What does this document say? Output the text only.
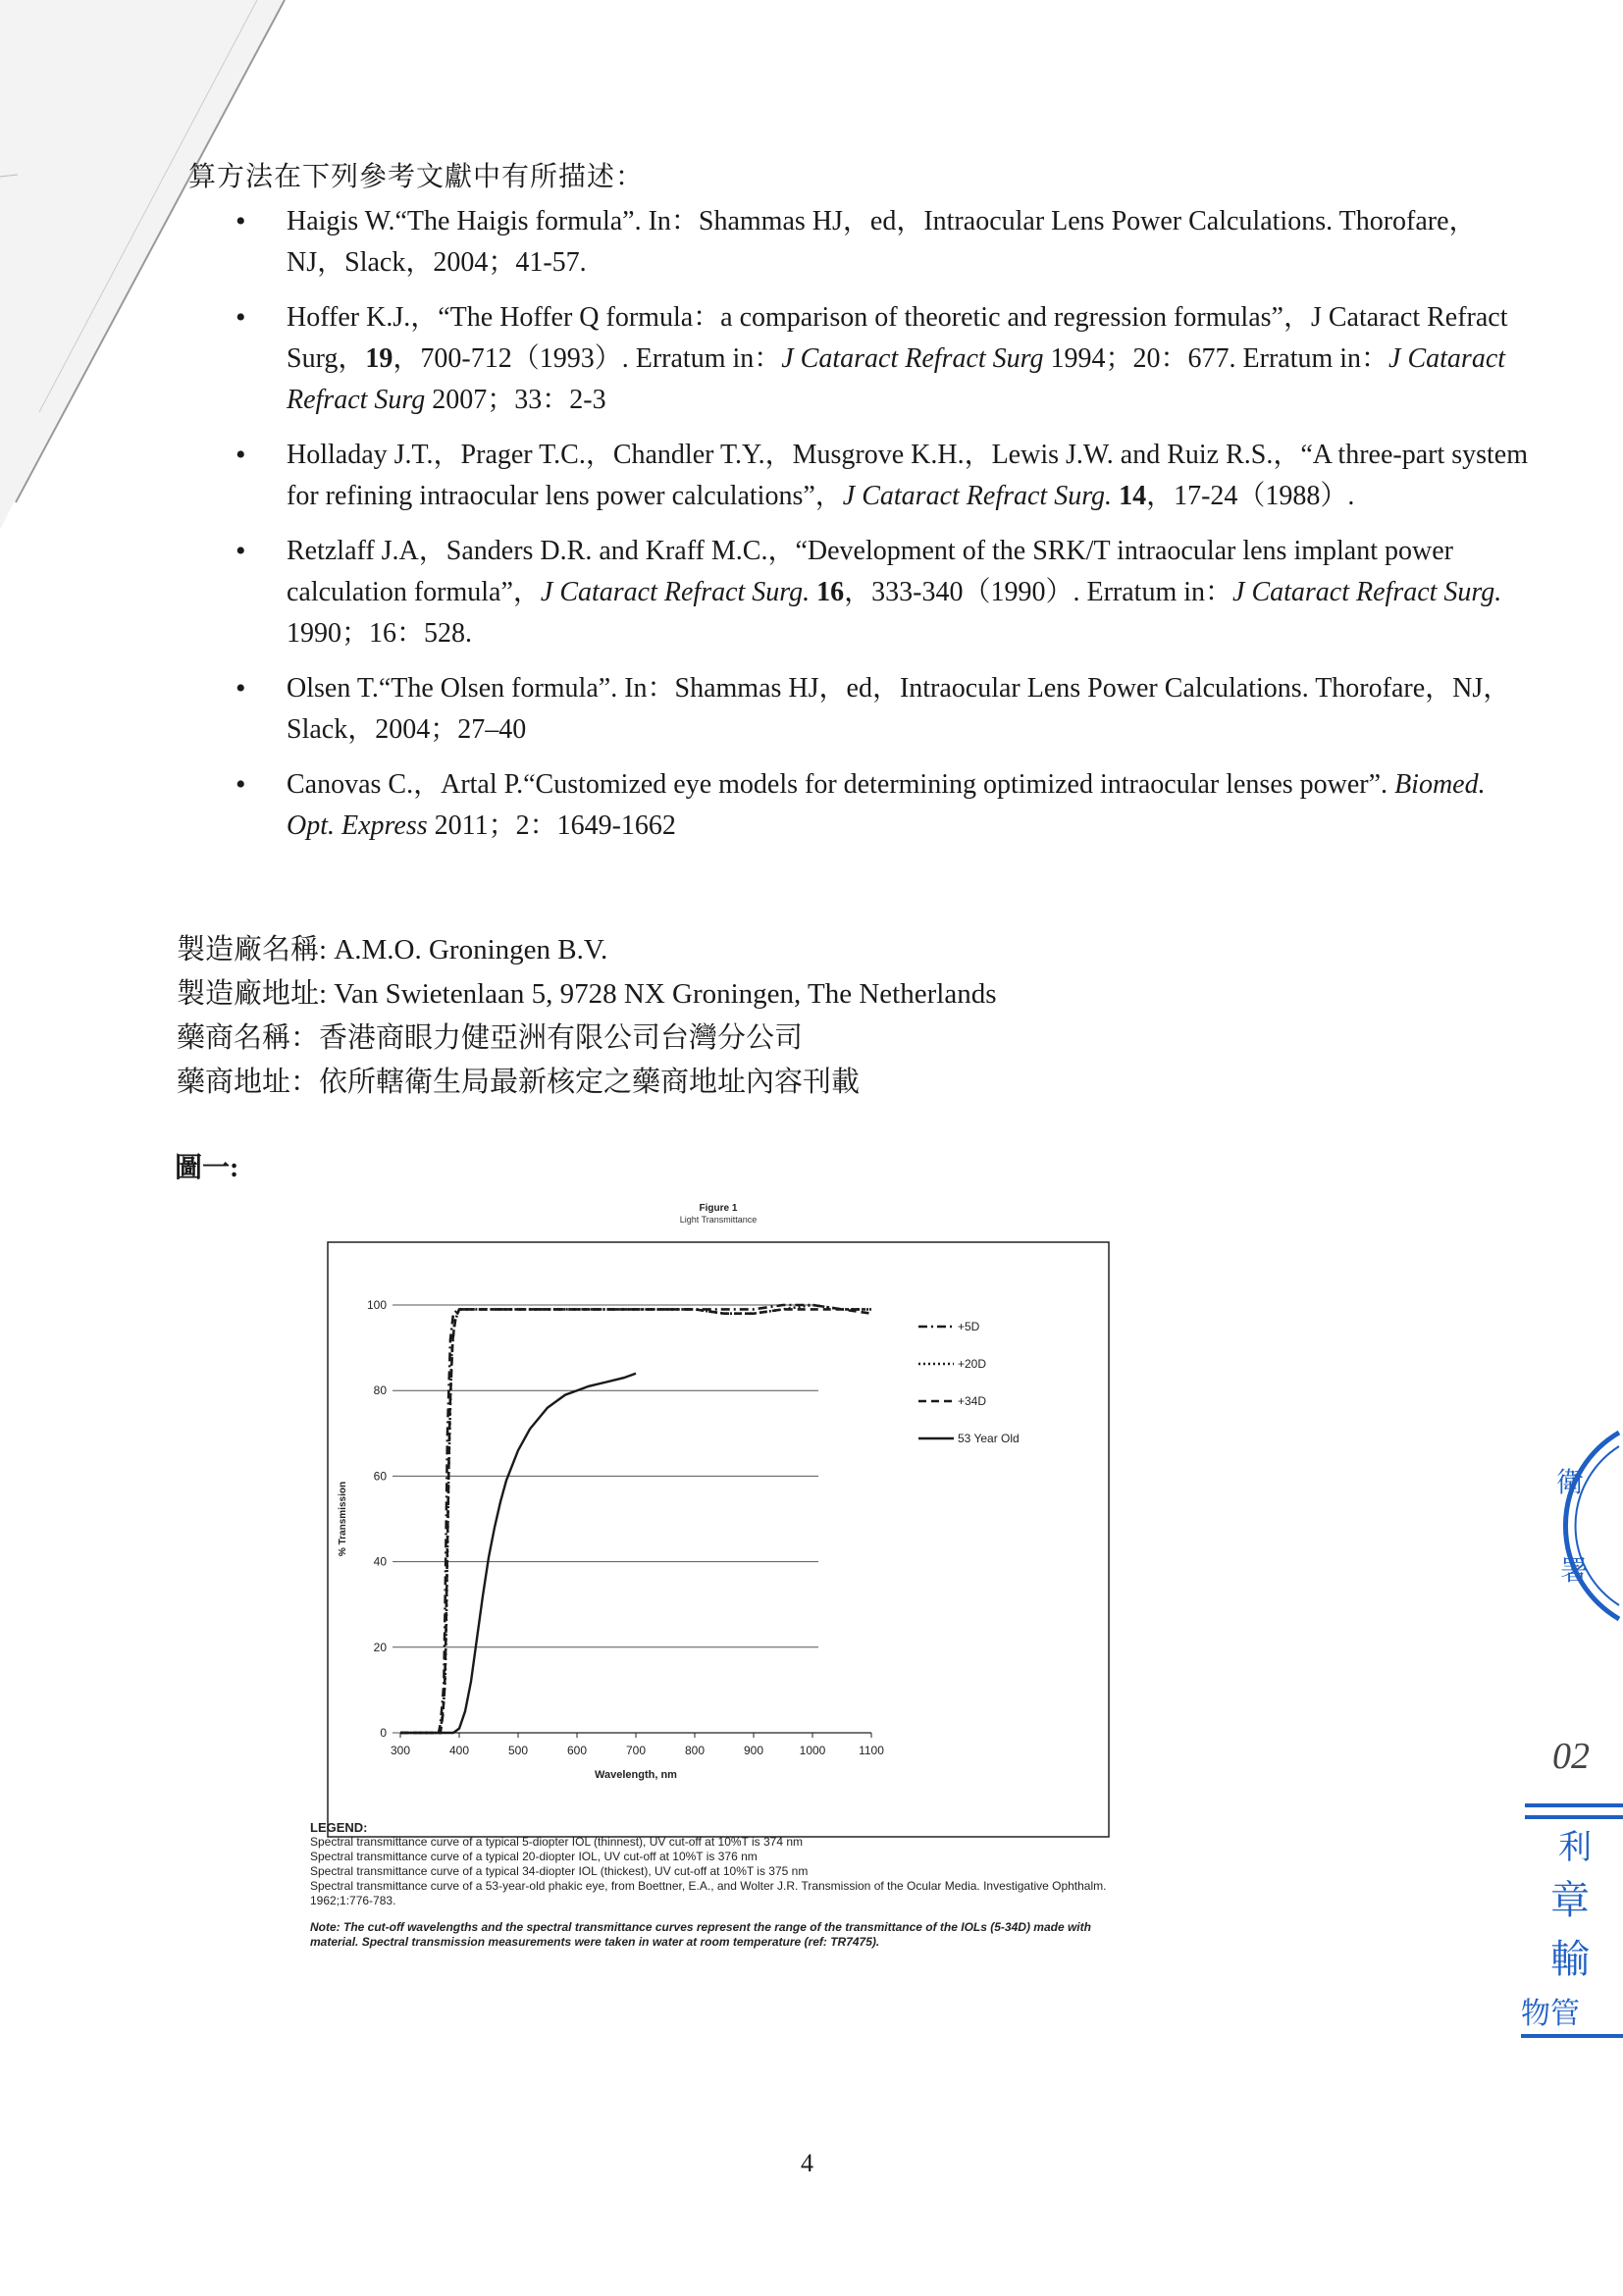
算方法在下列參考文獻中有所描述：
• Haigis W.“The Haigis formula”. In：Shammas HJ，ed，Intraocular Lens Power Calculations. Thorofare，NJ，Slack，2004；41-57.
• Hoffer K.J.，“The Hoffer Q formula：a comparison of theoretic and regression formulas”，J Cataract Refract Surg，19，700-712（1993）. Erratum in：J Cataract Refract Surg 1994；20：677. Erratum in：J Cataract Refract Surg 2007；33：2-3
• Holladay J.T.，Prager T.C.，Chandler T.Y.，Musgrove K.H.，Lewis J.W. and Ruiz R.S.，“A three-part system for refining intraocular lens power calculations”，J Cataract Refract Surg. 14，17-24（1988）.
• Retzlaff J.A，Sanders D.R. and Kraff M.C.，“Development of the SRK/T intraocular lens implant power calculation formula”，J Cataract Refract Surg. 16，333-340（1990）. Erratum in：J Cataract Refract Surg. 1990；16：528.
• Olsen T.“The Olsen formula”. In：Shammas HJ，ed，Intraocular Lens Power Calculations. Thorofare，NJ，Slack，2004；27–40
• Canovas C.，Artal P.“Customized eye models for determining optimized intraocular lenses power”. Biomed. Opt. Express 2011；2：1649-1662
製造廠名稱: A.M.O. Groningen B.V.
製造廠地址: Van Swietenlaan 5, 9728 NX Groningen, The Netherlands
藥商名稱：香港商眼力健亞洲有限公司台灣分公司
藥商地址：依所轄衛生局最新核定之藥商地址內容刊載
圖一:
Figure 1
Light Transmittance
0
20
40
60
80
100
300	400	500	600	700	800	900	1000	1100
Wavelength, nm
% Transmission
+5D
+20D
+34D
53 Year Old
LEGEND:
Spectral transmittance curve of a typical 5-diopter IOL (thinnest), UV cut-off at 10%T is 374 nm
Spectral transmittance curve of a typical 20-diopter IOL, UV cut-off at 10%T is 376 nm
Spectral transmittance curve of a typical 34-diopter IOL (thickest), UV cut-off at 10%T is 375 nm
Spectral transmittance curve of a 53-year-old phakic eye, from Boettner, E.A., and Wolter J.R. Transmission of the Ocular Media. Investigative Ophthalm. 1962;1:776-783.
Note: The cut-off wavelengths and the spectral transmittance curves represent the range of the transmittance of the IOLs (5-34D) made with material. Spectral transmission measurements were taken in water at room temperature (ref: TR7475).
衛
署
02
利
章
輸
物管
4
